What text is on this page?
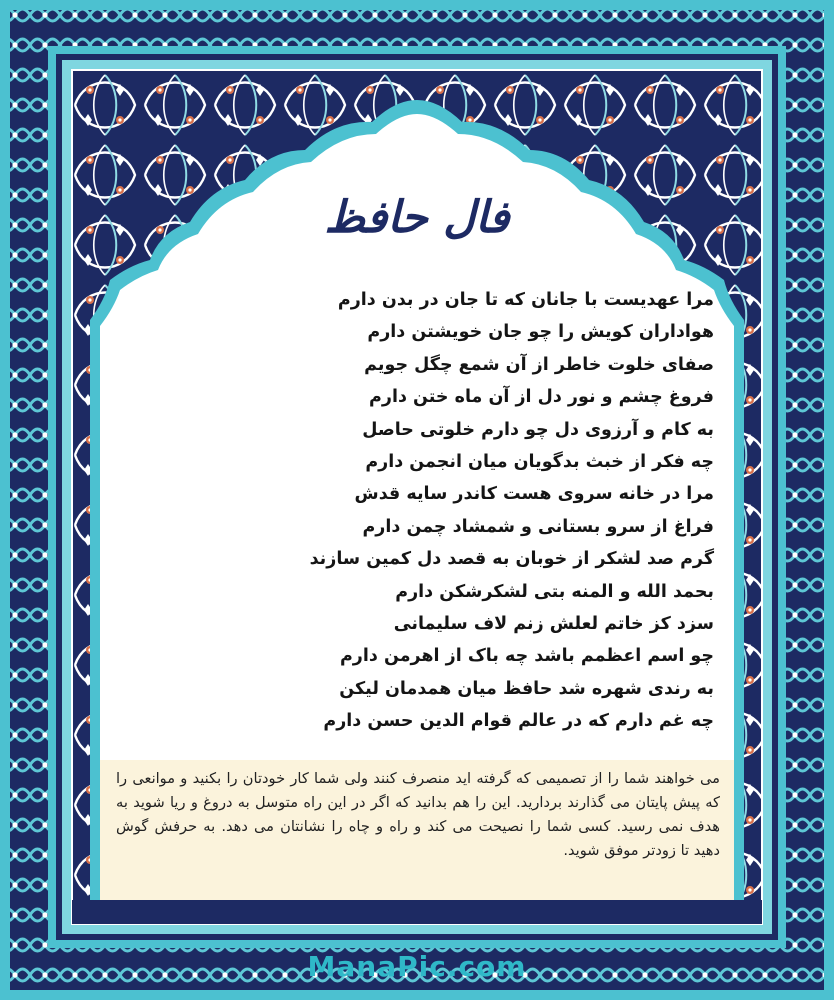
فال حافظ
مرا عهدیست با جانان که تا جان در بدن دارم
هواداران کویش را چو جان خویشتن دارم
صفای خلوت خاطر از آن شمع چگل جویم
فروغ چشم و نور دل از آن ماه ختن دارم
به کام و آرزوی دل چو دارم خلوتی حاصل
چه فکر از خبث بدگویان میان انجمن دارم
مرا در خانه سروی هست کاندر سایه قدش
فراغ از سرو بستانی و شمشاد چمن دارم
گرم صد لشکر از خوبان به قصد دل کمین سازند
بحمد الله و المنه بتی لشکرشکن دارم
سزد کز خاتم لعلش زنم لاف سلیمانی
چو اسم اعظمم باشد چه باک از اهرمن دارم
به رندی شهره شد حافظ میان همدمان لیکن
چه غم دارم که در عالم قوام الدین حسن دارم
می خواهند شما را از تصمیمی که گرفته اید منصرف کنند ولی شما کار خودتان را بکنید و موانعی را که پیش پایتان می گذارند بردارید. این را هم بدانید که اگر در این راه متوسل به دروغ و ریا شوید به هدف نمی رسید. کسی شما را نصیحت می کند و راه و چاه را نشانتان می دهد. به حرفش گوش دهید تا زودتر موفق شوید.
ManaPic.com
